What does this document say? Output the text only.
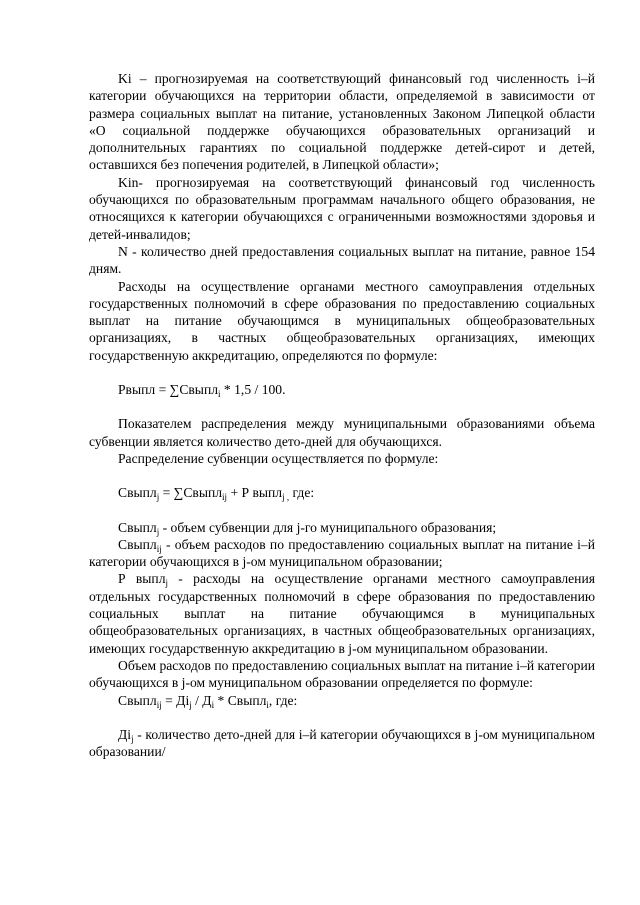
Ki – прогнозируемая на соответствующий финансовый год численность i–й категории обучающихся на территории области, определяемой в зависимости от размера социальных выплат на питание, установленных Законом Липецкой области «О социальной поддержке обучающихся образовательных организаций и дополнительных гарантиях по социальной поддержке детей-сирот и детей, оставшихся без попечения родителей, в Липецкой области»;

Kin- прогнозируемая на соответствующий финансовый год численность обучающихся по образовательным программам начального общего образования, не относящихся к категории обучающихся с ограниченными возможностями здоровья и детей-инвалидов;

N - количество дней предоставления социальных выплат на питание, равное 154 дням.

Расходы на осуществление органами местного самоуправления отдельных государственных полномочий в сфере образования по предоставлению социальных выплат на питание обучающимся в муниципальных общеобразовательных организациях, в частных общеобразовательных организациях, имеющих государственную аккредитацию, определяются по формуле:

Рвыпл = ∑Свыпл$_i$ * 1,5 / 100.

Показателем распределения между муниципальными образованиями объема субвенции является количество дето-дней для обучающихся.

Распределение субвенции осуществляется по формуле:

Свыпл$_j$ = ∑Свыпл$_{ij}$ + Р выпл$_{j ,}$ где:

Свыпл$_j$ - объем субвенции для j-го муниципального образования;

Свыпл$_{ij}$ - объем расходов по предоставлению социальных выплат на питание i–й категории обучающихся в j-ом муниципальном образовании;

Р выпл$_j$ - расходы на осуществление органами местного самоуправления отдельных государственных полномочий в сфере образования по предоставлению социальных выплат на питание обучающимся в муниципальных общеобразовательных организациях, в частных общеобразовательных организациях, имеющих государственную аккредитацию в j-ом муниципальном образовании.

Объем расходов по предоставлению социальных выплат на питание i–й категории обучающихся в j-ом муниципальном образовании определяется по формуле:

Свыпл$_{ij}$ = $Дi_j / Д_i$ * Свыпл$_i$, где:

$Дi_j$ - количество дето-дней для i–й категории обучающихся в j-ом муниципальном образовании/
